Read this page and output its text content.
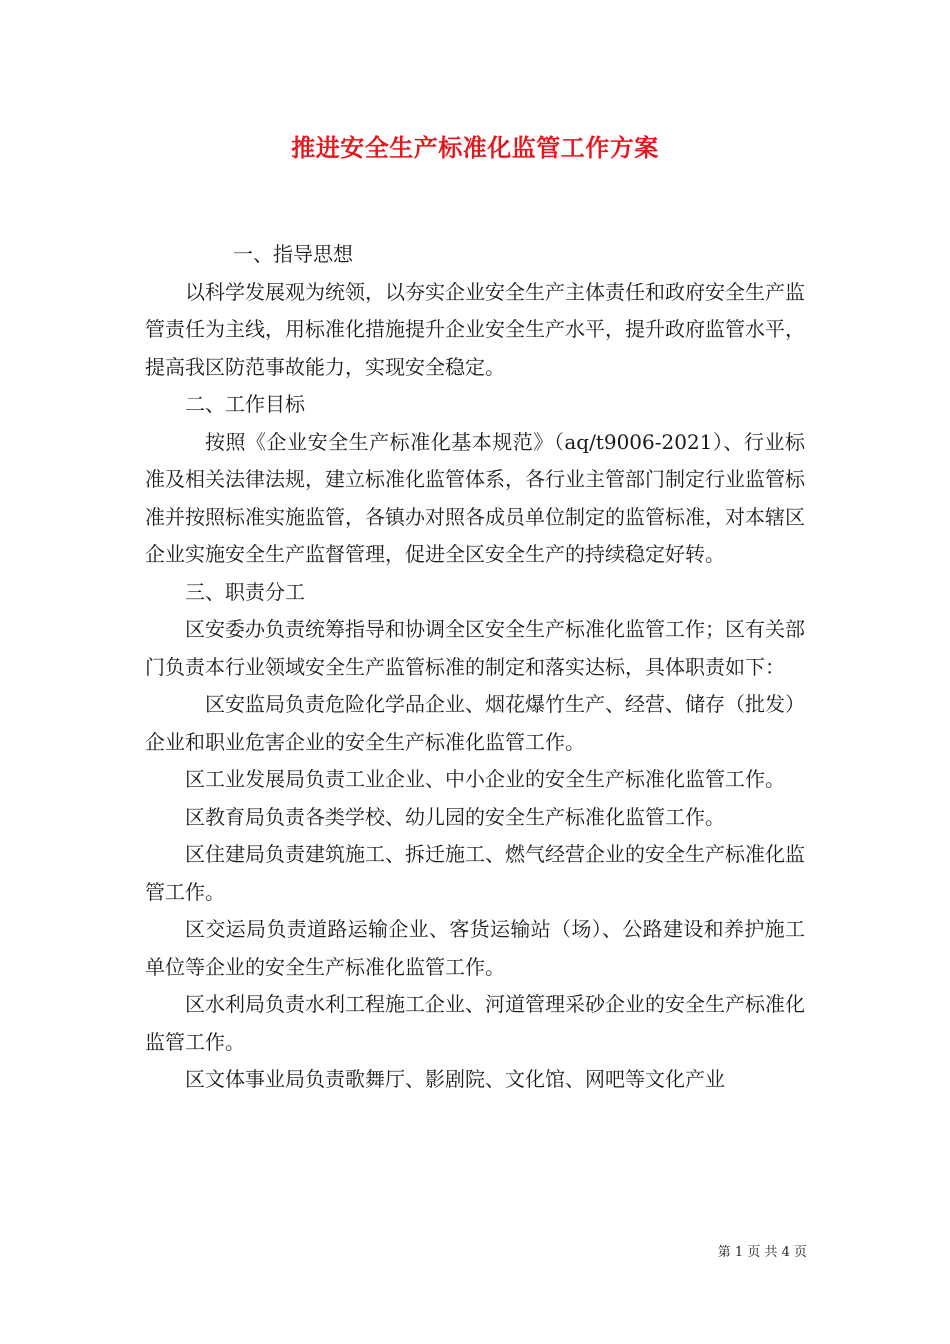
推进安全生产标准化监管工作方案

一、指导思想

以科学发展观为统领，以夯实企业安全生产主体责任和政府安全生产监管责任为主线，用标准化措施提升企业安全生产水平，提升政府监管水平，提高我区防范事故能力，实现安全稳定。

二、工作目标

按照《企业安全生产标准化基本规范》（aq/t9006-2021）、行业标准及相关法律法规，建立标准化监管体系，各行业主管部门制定行业监管标准并按照标准实施监管，各镇办对照各成员单位制定的监管标准，对本辖区企业实施安全生产监督管理，促进全区安全生产的持续稳定好转。

三、职责分工

区安委办负责统筹指导和协调全区安全生产标准化监管工作；区有关部门负责本行业领域安全生产监管标准的制定和落实达标，具体职责如下：

区安监局负责危险化学品企业、烟花爆竹生产、经营、储存（批发）企业和职业危害企业的安全生产标准化监管工作。

区工业发展局负责工业企业、中小企业的安全生产标准化监管工作。

区教育局负责各类学校、幼儿园的安全生产标准化监管工作。

区住建局负责建筑施工、拆迁施工、燃气经营企业的安全生产标准化监管工作。

区交运局负责道路运输企业、客货运输站（场）、公路建设和养护施工单位等企业的安全生产标准化监管工作。

区水利局负责水利工程施工企业、河道管理采砂企业的安全生产标准化监管工作。

区文体事业局负责歌舞厅、影剧院、文化馆、网吧等文化产业

第 1 页 共 4 页
